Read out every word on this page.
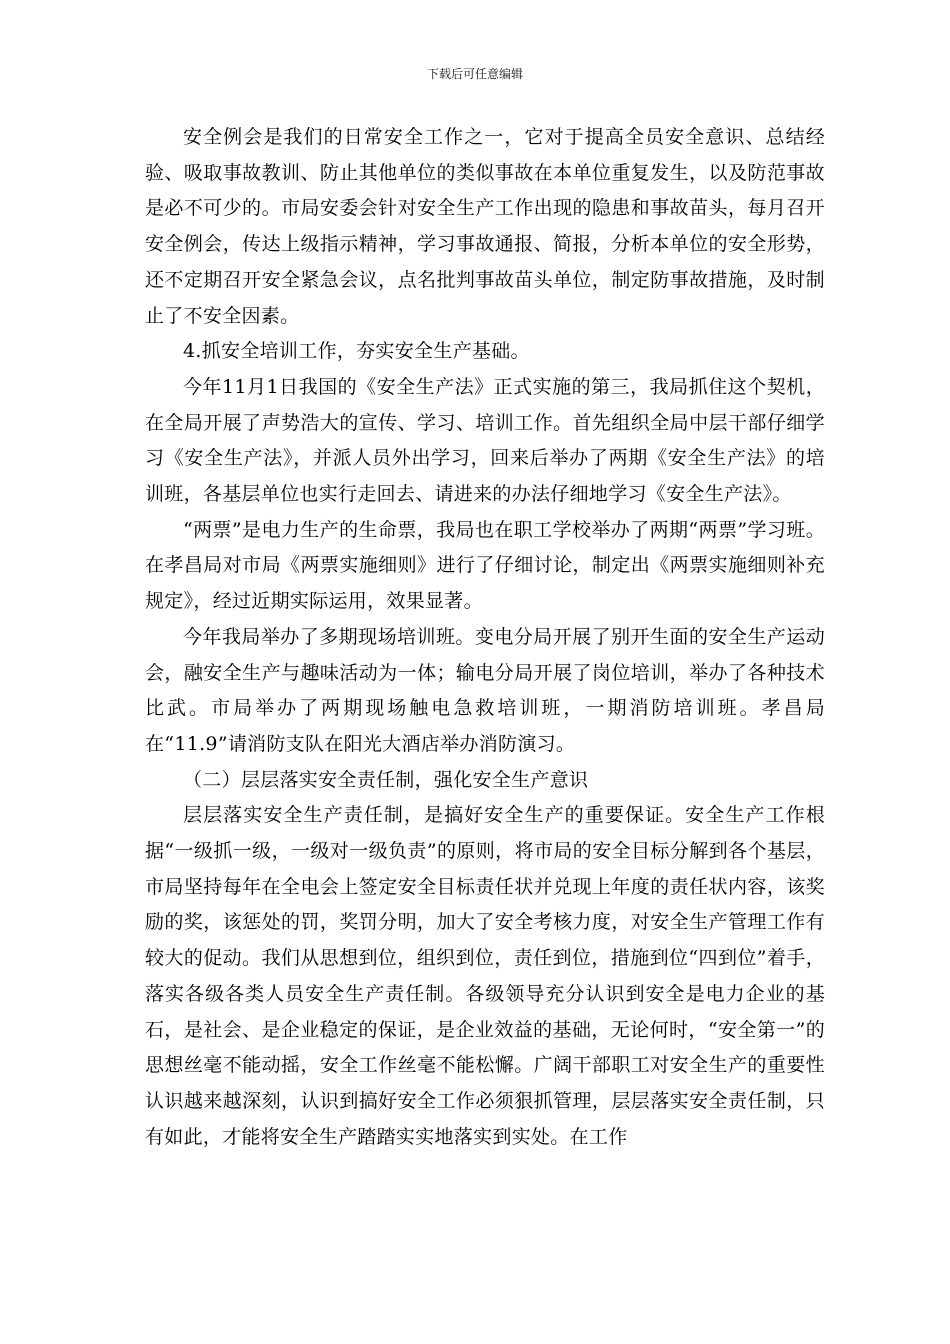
下载后可任意编辑

安全例会是我们的日常安全工作之一，它对于提高全员安全意识、总结经验、吸取事故教训、防止其他单位的类似事故在本单位重复发生，以及防范事故是必不可少的。市局安委会针对安全生产工作出现的隐患和事故苗头，每月召开安全例会，传达上级指示精神，学习事故通报、简报，分析本单位的安全形势，还不定期召开安全紧急会议，点名批判事故苗头单位，制定防事故措施，及时制止了不安全因素。

4.抓安全培训工作，夯实安全生产基础。

今年11月1日我国的《安全生产法》正式实施的第三，我局抓住这个契机，在全局开展了声势浩大的宣传、学习、培训工作。首先组织全局中层干部仔细学习《安全生产法》，并派人员外出学习，回来后举办了两期《安全生产法》的培训班，各基层单位也实行走回去、请进来的办法仔细地学习《安全生产法》。

“两票”是电力生产的生命票，我局也在职工学校举办了两期“两票”学习班。在孝昌局对市局《两票实施细则》进行了仔细讨论，制定出《两票实施细则补充规定》，经过近期实际运用，效果显著。

今年我局举办了多期现场培训班。变电分局开展了别开生面的安全生产运动会，融安全生产与趣味活动为一体；输电分局开展了岗位培训，举办了各种技术比武。市局举办了两期现场触电急救培训班，一期消防培训班。孝昌局在“11.9”请消防支队在阳光大酒店举办消防演习。

（二）层层落实安全责任制，强化安全生产意识

层层落实安全生产责任制，是搞好安全生产的重要保证。安全生产工作根据“一级抓一级，一级对一级负责”的原则，将市局的安全目标分解到各个基层，市局坚持每年在全电会上签定安全目标责任状并兑现上年度的责任状内容，该奖励的奖，该惩处的罚，奖罚分明，加大了安全考核力度，对安全生产管理工作有较大的促动。我们从思想到位，组织到位，责任到位，措施到位“四到位”着手，落实各级各类人员安全生产责任制。各级领导充分认识到安全是电力企业的基石，是社会、是企业稳定的保证，是企业效益的基础，无论何时，“安全第一”的思想丝毫不能动摇，安全工作丝毫不能松懈。广阔干部职工对安全生产的重要性认识越来越深刻，认识到搞好安全工作必须狠抓管理，层层落实安全责任制，只有如此，才能将安全生产踏踏实实地落实到实处。在工作
